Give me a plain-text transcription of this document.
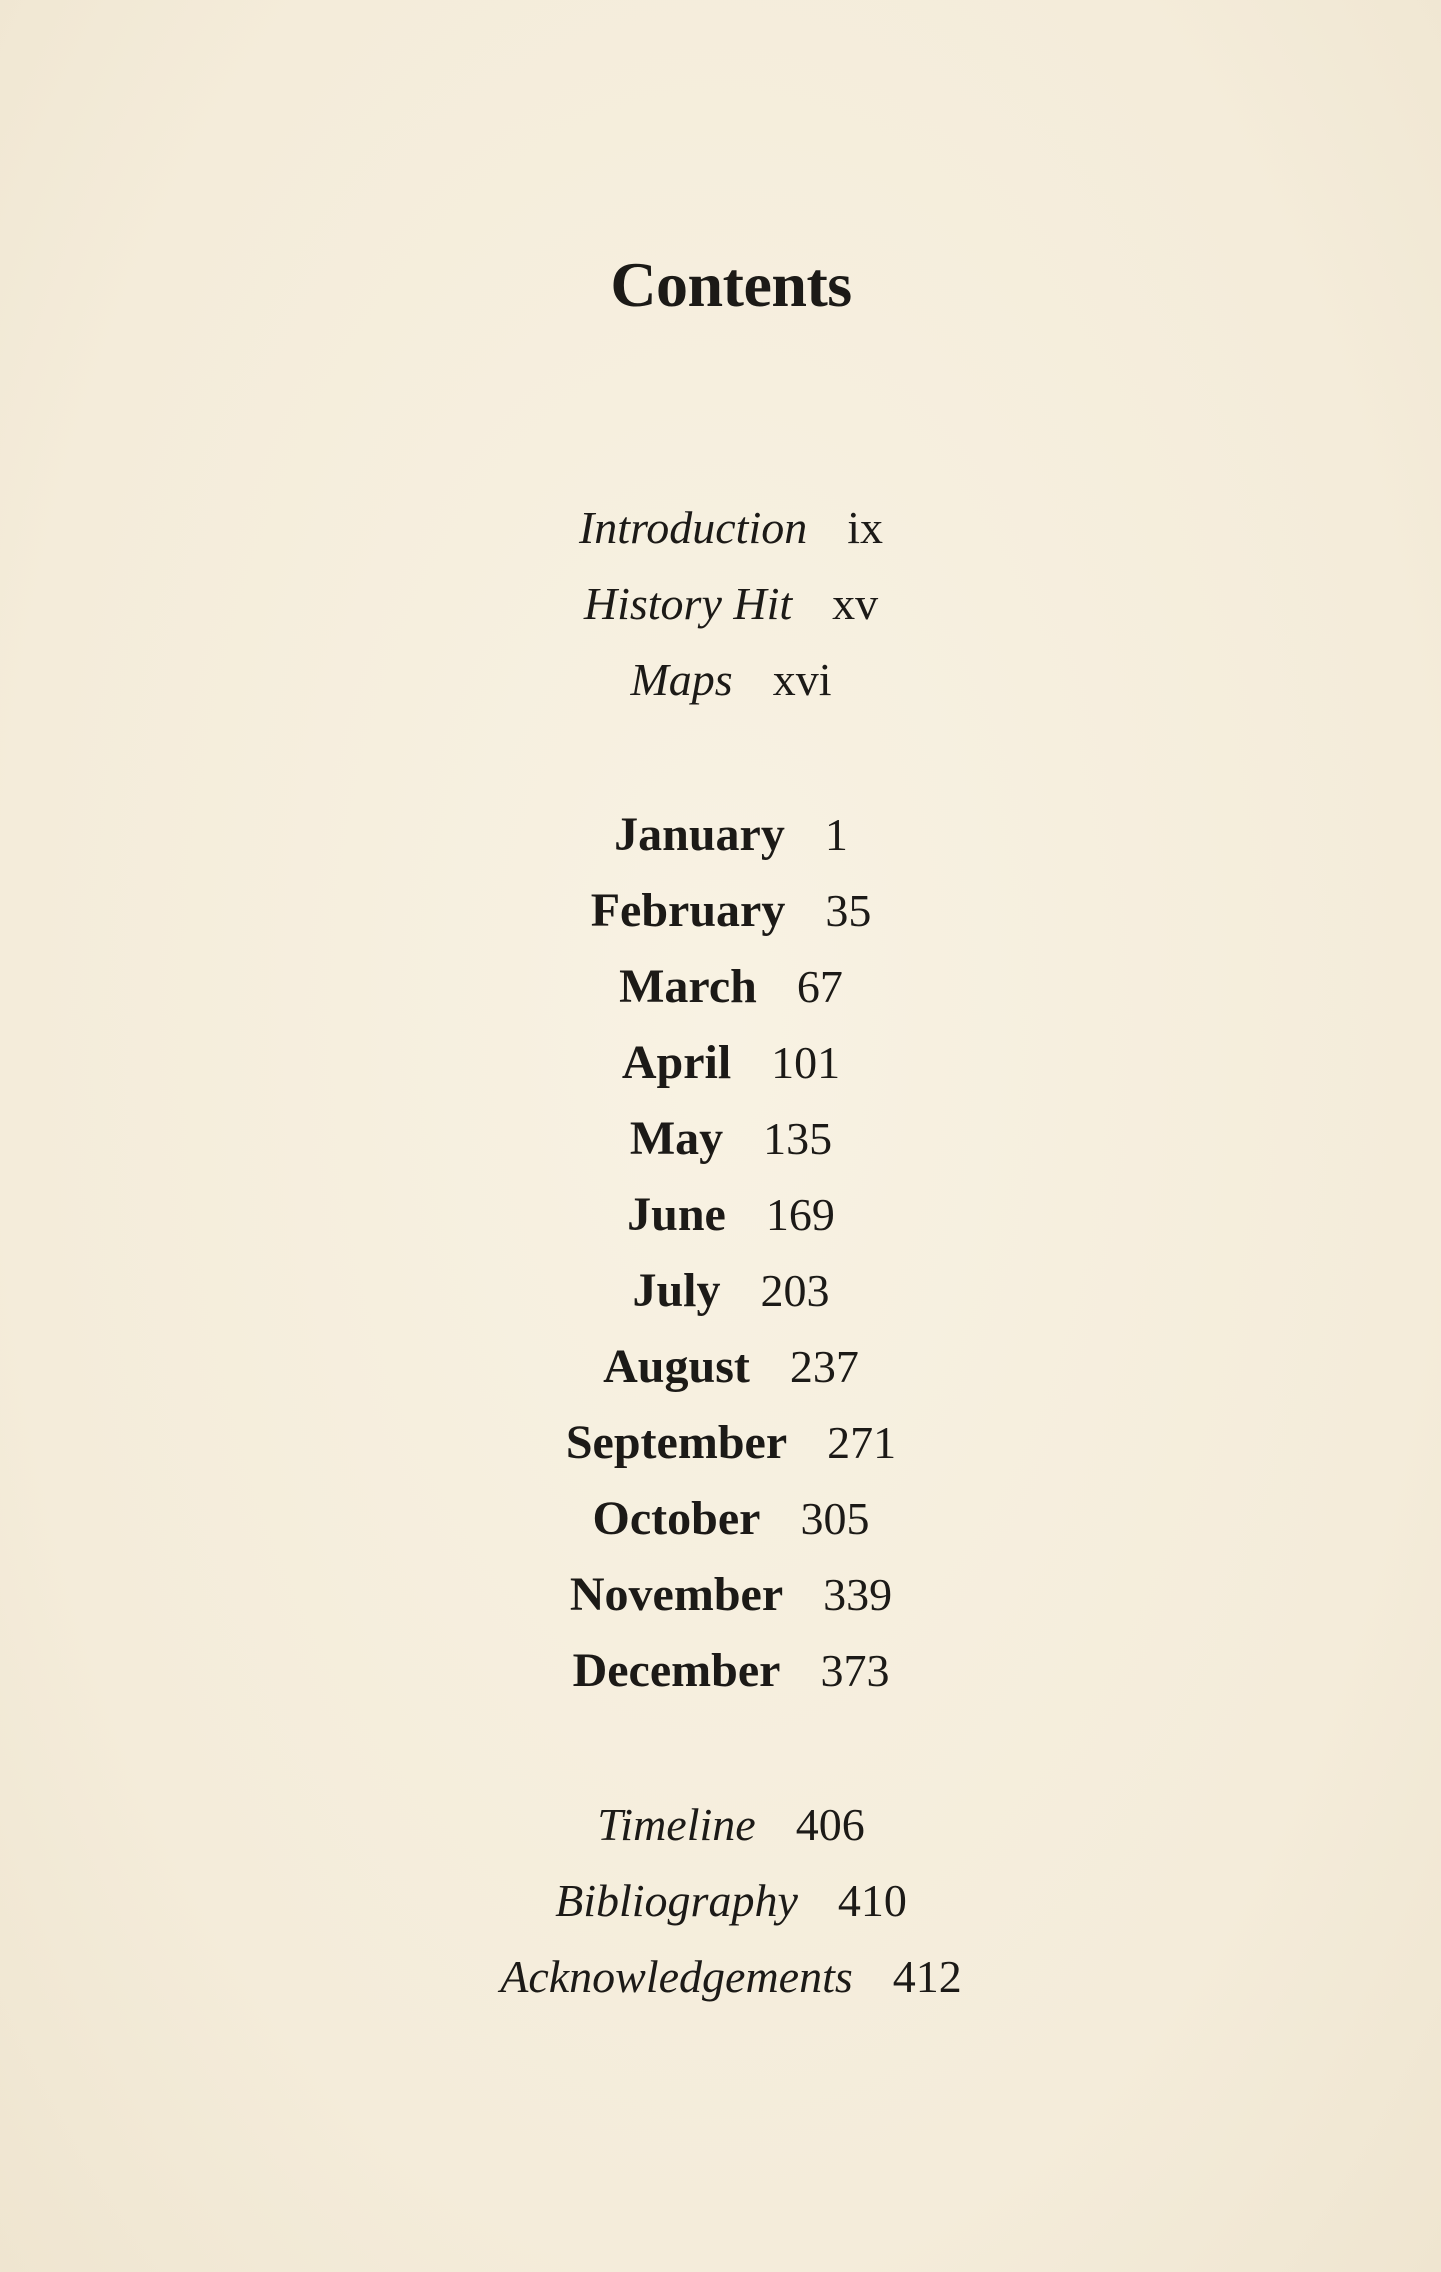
Contents
Introduction ix
History Hit xv
Maps xvi
January 1
February 35
March 67
April 101
May 135
June 169
July 203
August 237
September 271
October 305
November 339
December 373
Timeline 406
Bibliography 410
Acknowledgements 412
